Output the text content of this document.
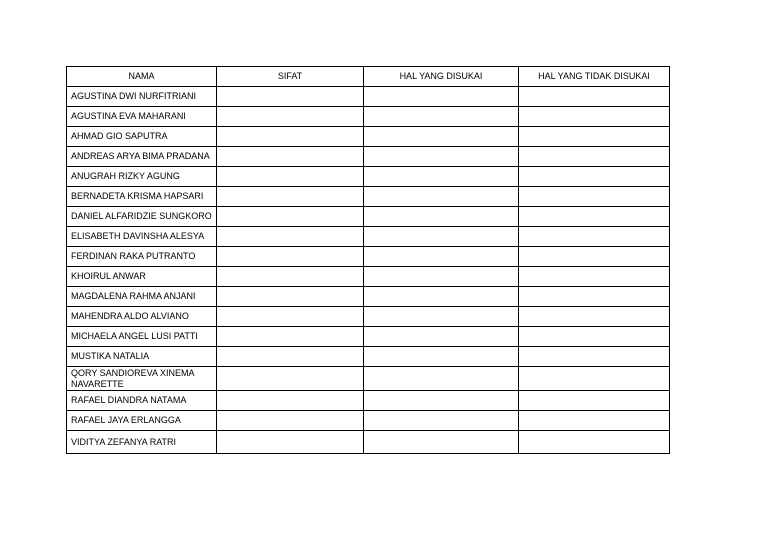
NAMA	SIFAT	HAL YANG DISUKAI	HAL YANG TIDAK DISUKAI
AGUSTINA DWI NURFITRIANI			
AGUSTINA EVA MAHARANI			
AHMAD GIO SAPUTRA			
ANDREAS ARYA BIMA PRADANA			
ANUGRAH RIZKY AGUNG			
BERNADETA KRISMA HAPSARI			
DANIEL ALFARIDZIE SUNGKORO			
ELISABETH DAVINSHA ALESYA			
FERDINAN RAKA PUTRANTO			
KHOIRUL ANWAR			
MAGDALENA RAHMA ANJANI			
MAHENDRA ALDO ALVIANO			
MICHAELA ANGEL LUSI PATTI			
MUSTIKA NATALIA			
QORY SANDIOREVA XINEMA NAVARETTE			
RAFAEL DIANDRA NATAMA			
RAFAEL JAYA ERLANGGA			
VIDITYA ZEFANYA RATRI			
